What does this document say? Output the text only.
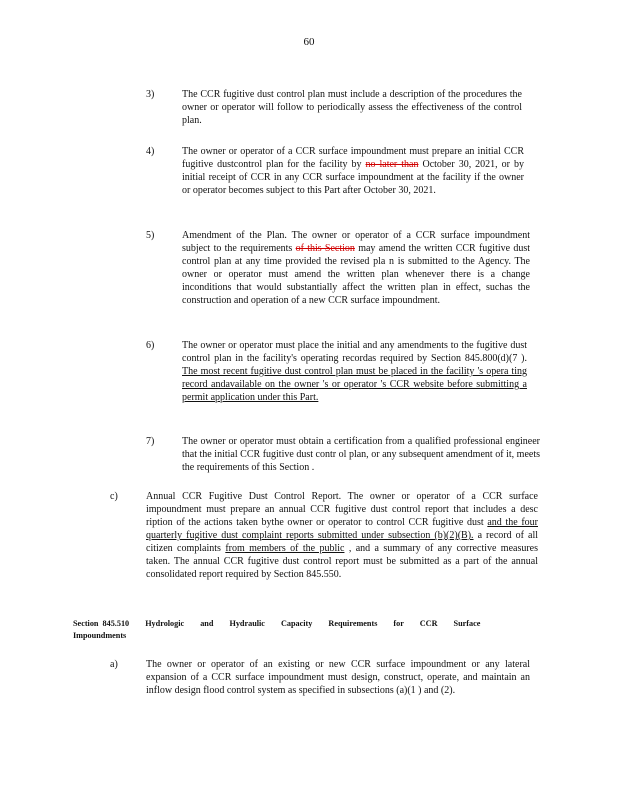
60
3)	The CCR fugitive dust control plan must include a description of the procedures the owner or operator will follow to periodically assess the effectiveness of the control plan.
4)	The owner or operator of a CCR surface impoundment must prepare an initial CCR fugitive dustcontrol plan for the facility by no later than October 30, 2021, or by initial receipt of CCR in any CCR surface impoundment at the facility if the owner or operator becomes subject to this Part after October 30, 2021.
5)	Amendment of the Plan. The owner or operator of a CCR surface impoundment subject to the requirements of this Section may amend the written CCR fugitive dust control plan at any time provided the revised pla n is submitted to the Agency. The owner or operator must amend the written plan whenever there is a change inconditions that would substantially affect the written plan in effect, suchas the construction and operation of a new CCR surface impoundment.
6)	The owner or operator must place the initial and any amendments to the fugitive dust control plan in the facility's operating recordas required by Section 845.800(d)(7 ). The most recent fugitive dust control plan must be placed in the facility 's opera ting record andavailable on the owner 's or operator 's CCR website before submitting a permit application under this Part.
7)	The owner or operator must obtain a certification from a qualified professional engineer that the initial CCR fugitive dust contr ol plan, or any subsequent amendment of it, meets the requirements of this Section .
c)	Annual CCR Fugitive Dust Control Report. The owner or operator of a CCR surface impoundment must prepare an annual CCR fugitive dust control report that includes a desc ription of the actions taken bythe owner or operator to control CCR fugitive dust and the four quarterly fugitive dust complaint reports submitted under subsection (b)(2)(B). a record of all citizen complaints from members of the public , and a summary of any corrective measures taken. The annual CCR fugitive dust control report must be submitted as a part of the annual consolidated report required by Section 845.550.
Section 845.510 Hydrologic and Hydraulic Capacity Requirements for CCR Surface Impoundments
a)	The owner or operator of an existing or new CCR surface impoundment or any lateral expansion of a CCR surface impoundment must design, construct, operate, and maintain an inflow design flood control system as specified in subsections (a)(1 ) and (2).
